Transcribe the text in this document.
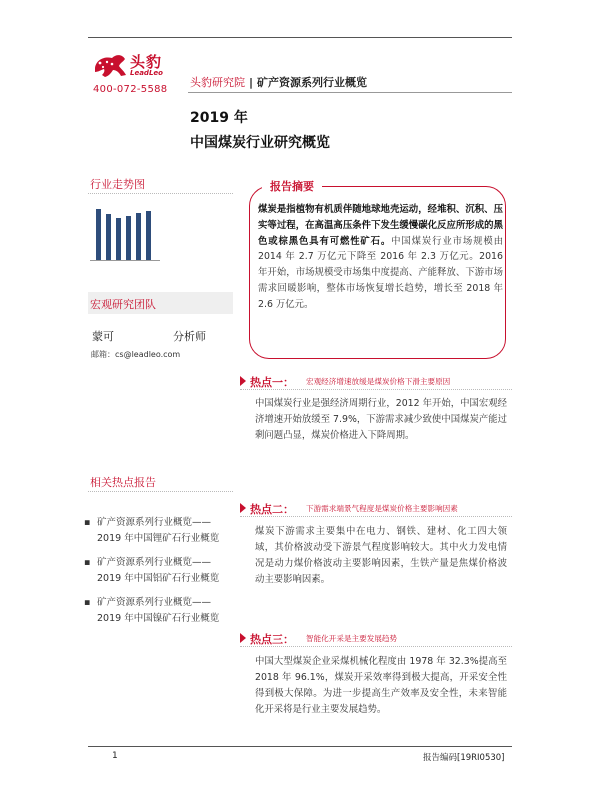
头豹
LeadLeo
400-072-5588
头豹研究院 | 矿产资源系列行业概览
2019 年
中国煤炭行业研究概览
行业走势图
宏观研究团队
蒙可	分析师
邮箱：cs@leadleo.com
相关热点报告
▪ 矿产资源系列行业概览——
2019 年中国锂矿石行业概览
▪ 矿产资源系列行业概览——
2019 年中国铝矿石行业概览
▪ 矿产资源系列行业概览——
2019 年中国镍矿石行业概览
报告摘要
煤炭是指植物有机质伴随地球地壳运动，经堆积、沉积、压实等过程，在高温高压条件下发生缓慢碳化反应所形成的黑色或棕黑色具有可燃性矿石。中国煤炭行业市场规模由 2014 年 2.7 万亿元下降至 2016 年 2.3 万亿元。2016 年开始，市场规模受市场集中度提高、产能释放、下游市场需求回暖影响，整体市场恢复增长趋势，增长至 2018 年 2.6 万亿元。
热点一： 宏观经济增速放缓是煤炭价格下滑主要原因
中国煤炭行业是强经济周期行业，2012 年开始，中国宏观经济增速开始放缓至 7.9%，下游需求减少致使中国煤炭产能过剩问题凸显，煤炭价格进入下降周期。
热点二： 下游需求端景气程度是煤炭价格主要影响因素
煤炭下游需求主要集中在电力、钢铁、建材、化工四大领域，其价格波动受下游景气程度影响较大。其中火力发电情况是动力煤价格波动主要影响因素，生铁产量是焦煤价格波动主要影响因素。
热点三： 智能化开采是主要发展趋势
中国大型煤炭企业采煤机械化程度由 1978 年 32.3%提高至 2018 年 96.1%，煤炭开采效率得到极大提高，开采安全性得到极大保障。为进一步提高生产效率及安全性，未来智能化开采将是行业主要发展趋势。
1	报告编码[19RI0530]
